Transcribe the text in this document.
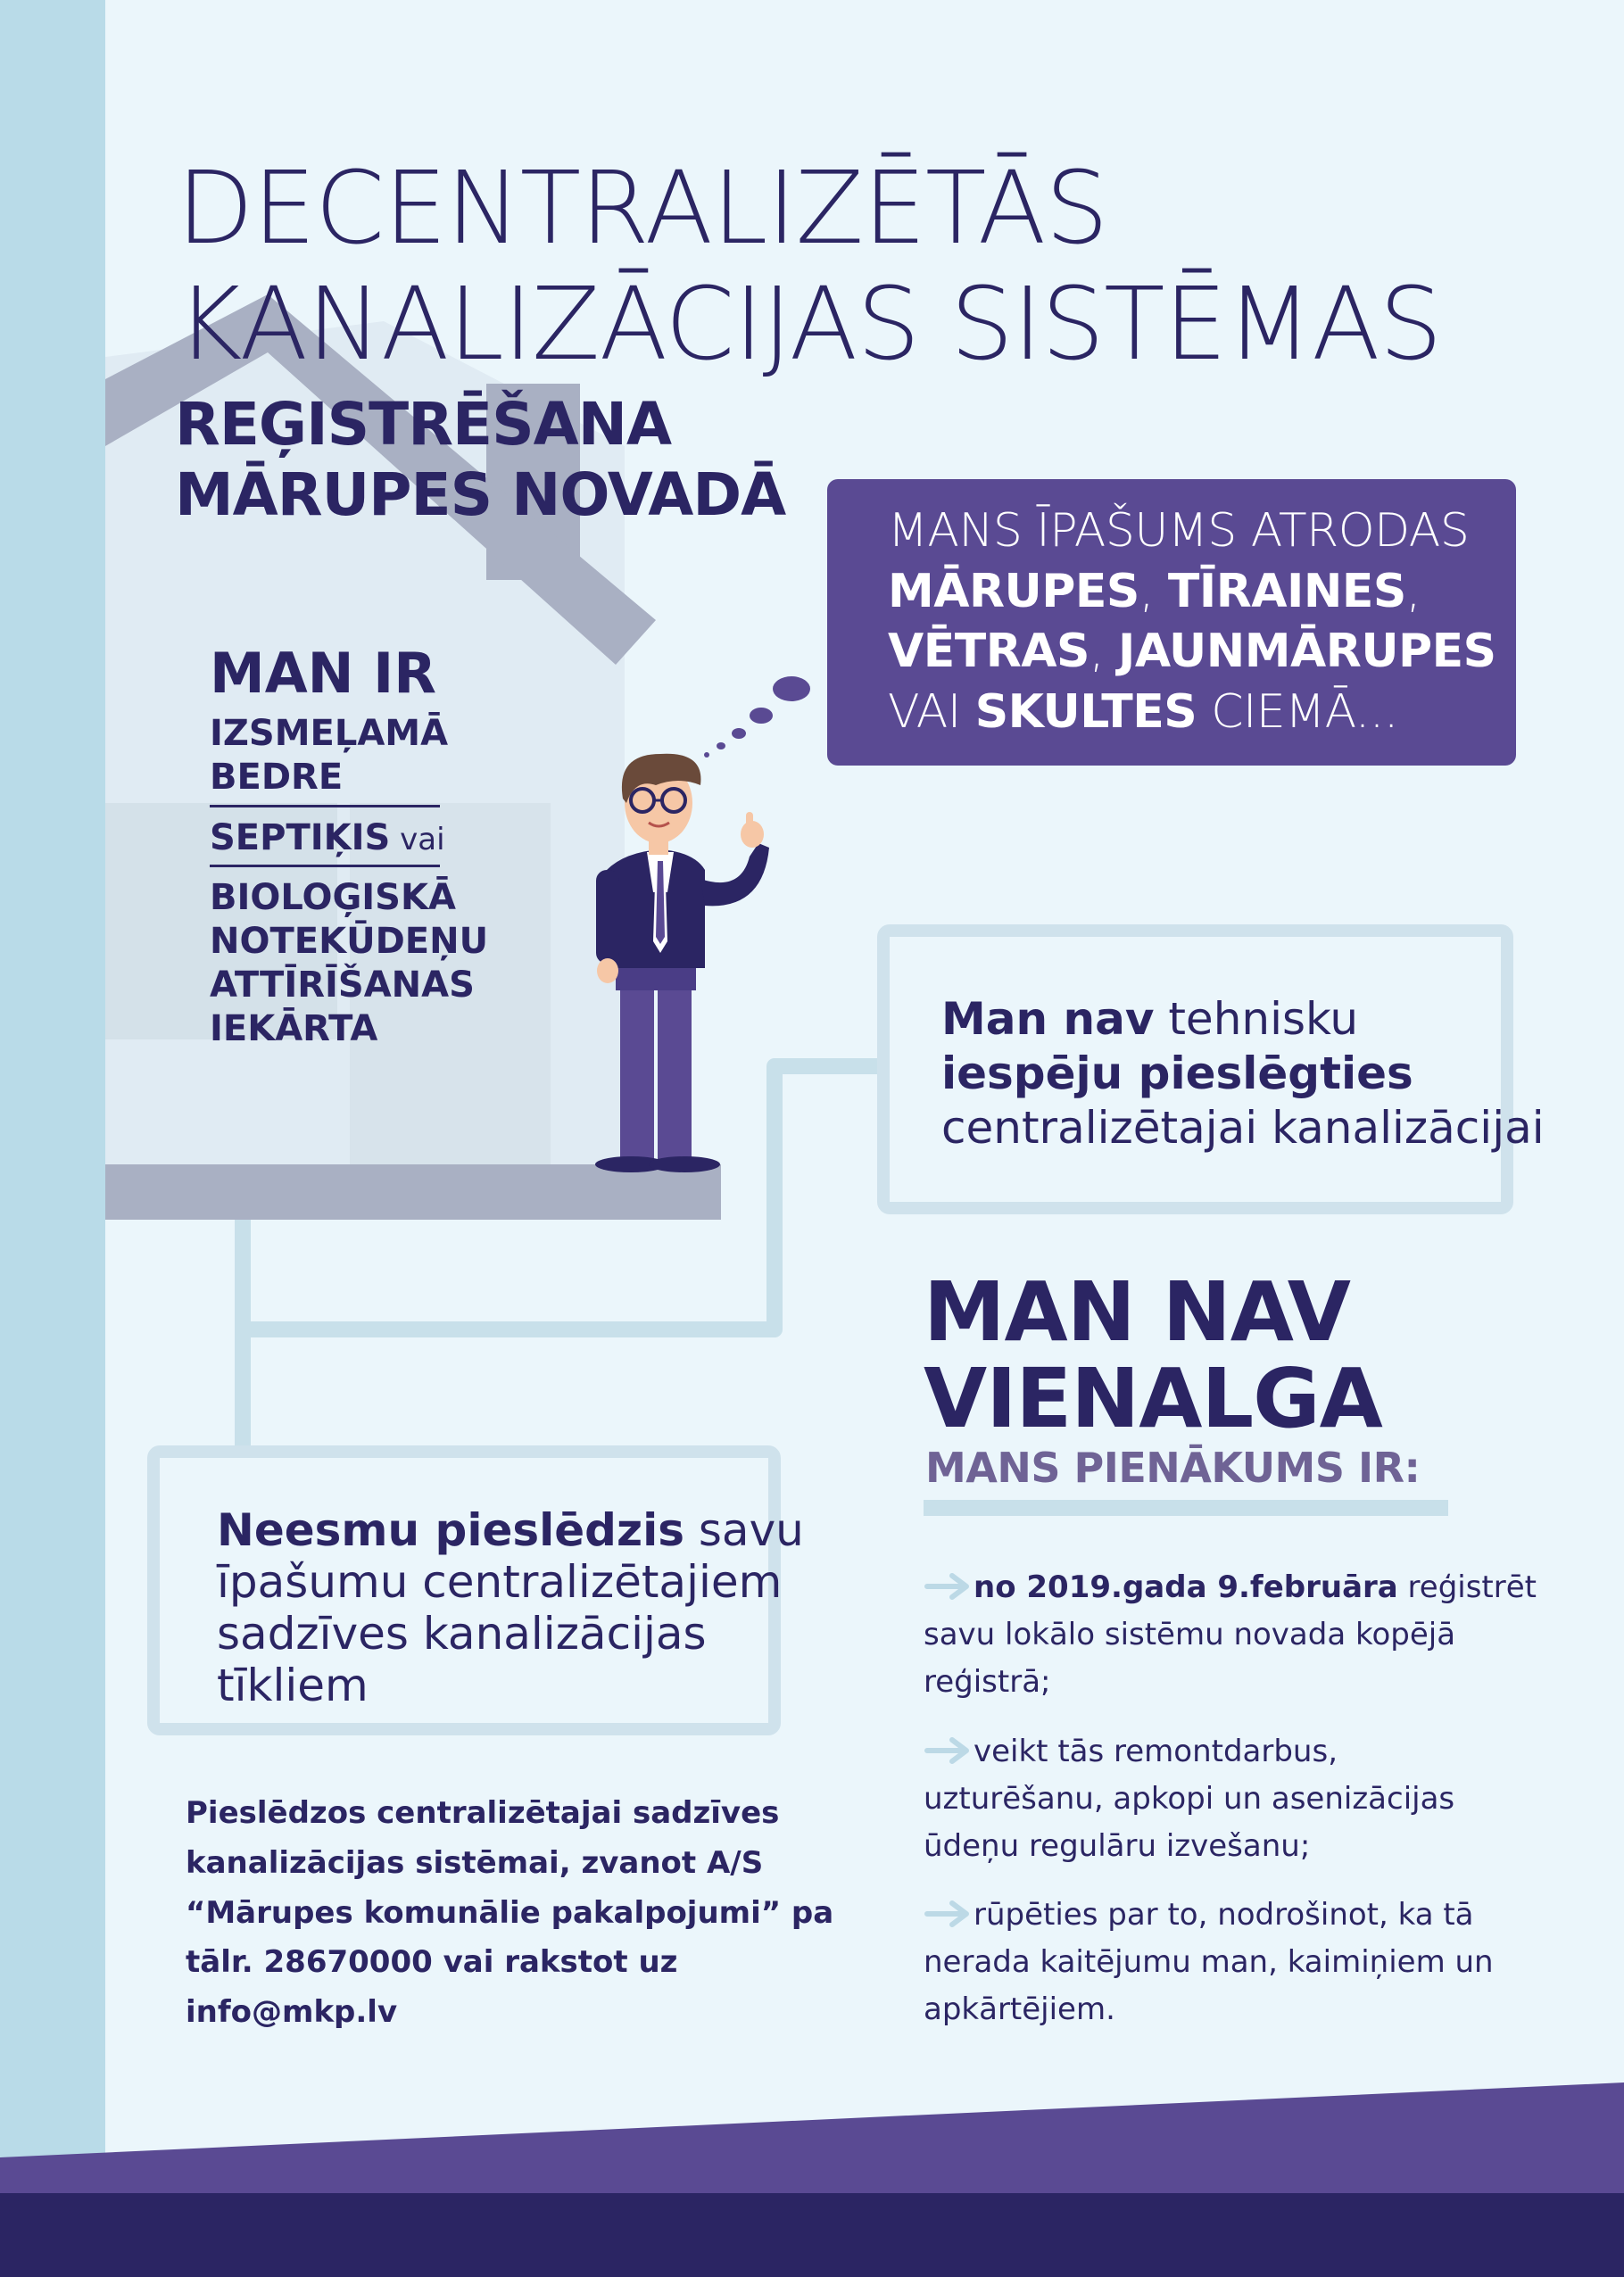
DECENTRALIZĒTĀS
KANALIZĀCIJAS SISTĒMAS
REĢISTRĒŠANA
MĀRUPES NOVADĀ
MANS ĪPAŠUMS ATRODAS
MĀRUPES, TĪRAINES,
VĒTRAS, JAUNMĀRUPES
VAI SKULTES CIEMĀ...
MAN IR
IZSMEĻAMĀ
BEDRE
SEPTIĶIS vai
BIOLOĢISKĀ
NOTEKŪDEŅU
ATTĪRĪŠANAS
IEKĀRTA	Man nav tehnisku
iespēju pieslēgties
centralizētajai kanalizācijai
MAN NAV
VIENALGA
MANS PIENĀKUMS IR:
Neesmu pieslēdzis savu
īpašumu centralizētajiem
sadzīves kanalizācijas
tīkliem
no 2019.gada 9.februāra reģistrēt
savu lokālo sistēmu novada kopējā
reģistrā;
veikt tās remontdarbus,
uzturēšanu, apkopi un asenizācijas
ūdeņu regulāru izvešanu;
rūpēties par to, nodrošinot, ka tā
nerada kaitējumu man, kaimiņiem un
apkārtējiem.
Pieslēdzos centralizētajai sadzīves
kanalizācijas sistēmai, zvanot A/S
“Mārupes komunālie pakalpojumi” pa
tālr. 28670000 vai rakstot uz
info@mkp.lv
